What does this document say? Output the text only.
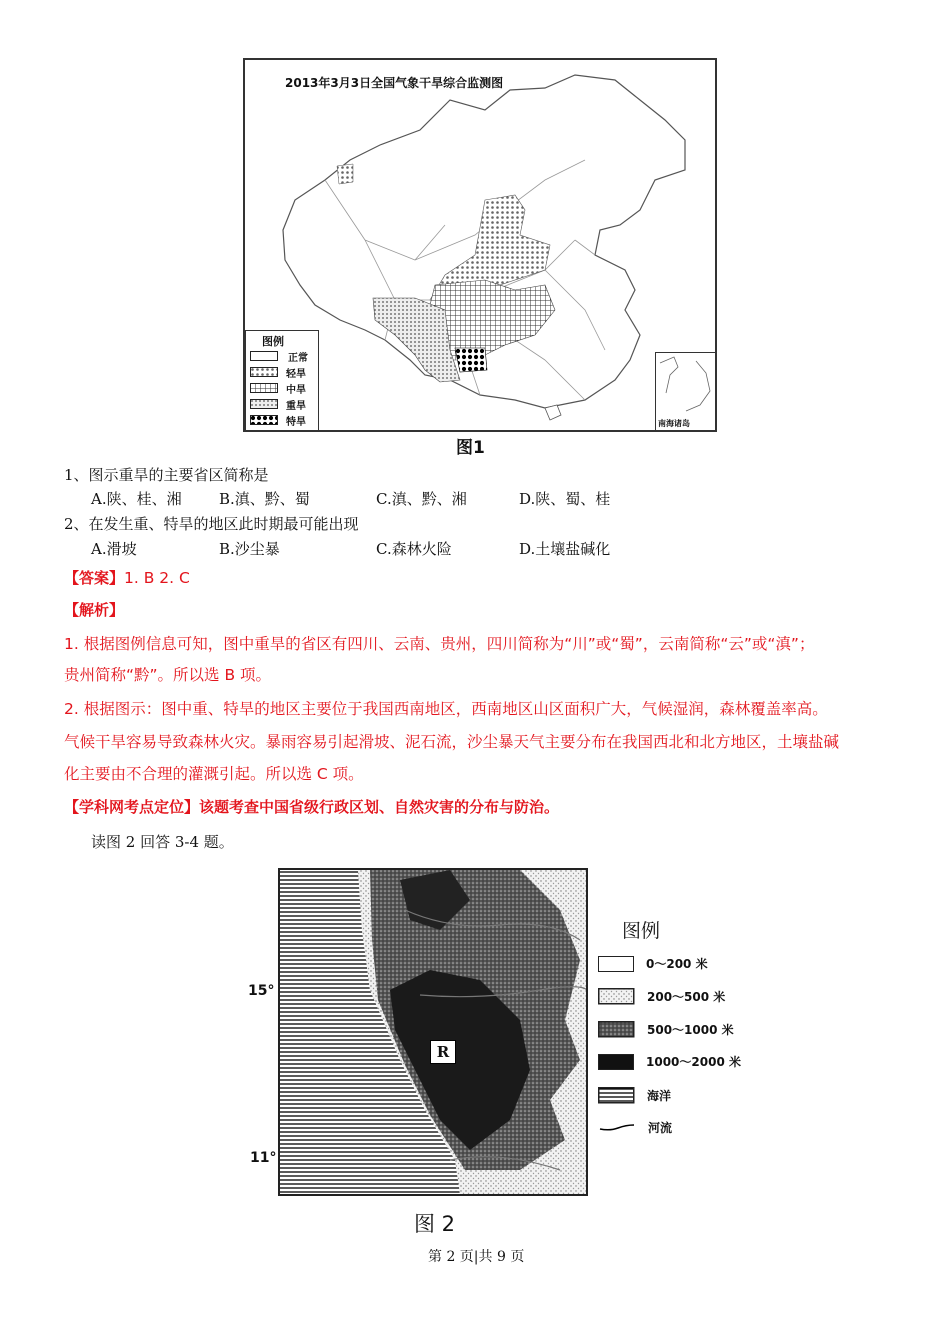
2013年3月3日全国气象干旱综合监测图
图例
正常
轻旱
中旱
重旱
特旱	南海诸岛
图1
1、图示重旱的主要省区简称是
A.陕、桂、湘 B.滇、黔、蜀	C.滇、黔、湘	D.陕、蜀、桂
2、在发生重、特旱的地区此时期最可能出现
A.滑坡	B.沙尘暴	C.森林火险	D.土壤盐碱化
【答案】1. B 2. C
【解析】
1. 根据图例信息可知，图中重旱的省区有四川、云南、贵州，四川简称为“川”或“蜀”，云南简称“云”或“滇”；
贵州简称“黔”。所以选 B 项。
2. 根据图示：图中重、特旱的地区主要位于我国西南地区，西南地区山区面积广大，气候湿润，森林覆盖率高。
气候干旱容易导致森林火灾。暴雨容易引起滑坡、泥石流，沙尘暴天气主要分布在我国西北和北方地区，土壤盐碱
化主要由不合理的灌溉引起。所以选 C 项。
【学科网考点定位】该题考查中国省级行政区划、自然灾害的分布与防治。
读图 2 回答 3-4 题。
R
15°
11°
图例
0～200 米
200～500 米
500～1000 米
1000～2000 米
海洋
河流
图 2
第 2 页|共 9 页
